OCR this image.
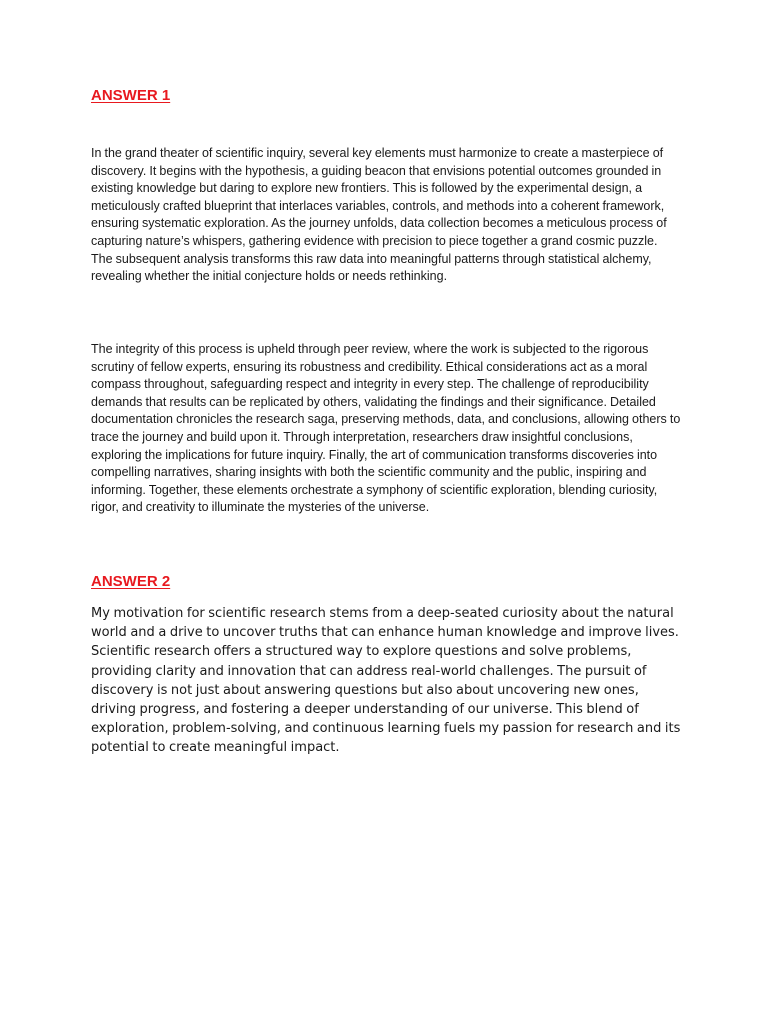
ANSWER 1

In the grand theater of scientific inquiry, several key elements must harmonize to create a masterpiece of discovery. It begins with the hypothesis, a guiding beacon that envisions potential outcomes grounded in existing knowledge but daring to explore new frontiers. This is followed by the experimental design, a meticulously crafted blueprint that interlaces variables, controls, and methods into a coherent framework, ensuring systematic exploration. As the journey unfolds, data collection becomes a meticulous process of capturing nature’s whispers, gathering evidence with precision to piece together a grand cosmic puzzle. The subsequent analysis transforms this raw data into meaningful patterns through statistical alchemy, revealing whether the initial conjecture holds or needs rethinking.

The integrity of this process is upheld through peer review, where the work is subjected to the rigorous scrutiny of fellow experts, ensuring its robustness and credibility. Ethical considerations act as a moral compass throughout, safeguarding respect and integrity in every step. The challenge of reproducibility demands that results can be replicated by others, validating the findings and their significance. Detailed documentation chronicles the research saga, preserving methods, data, and conclusions, allowing others to trace the journey and build upon it. Through interpretation, researchers draw insightful conclusions, exploring the implications for future inquiry. Finally, the art of communication transforms discoveries into compelling narratives, sharing insights with both the scientific community and the public, inspiring and informing. Together, these elements orchestrate a symphony of scientific exploration, blending curiosity, rigor, and creativity to illuminate the mysteries of the universe.

ANSWER 2

My motivation for scientific research stems from a deep-seated curiosity about the natural world and a drive to uncover truths that can enhance human knowledge and improve lives. Scientific research offers a structured way to explore questions and solve problems, providing clarity and innovation that can address real-world challenges. The pursuit of discovery is not just about answering questions but also about uncovering new ones, driving progress, and fostering a deeper understanding of our universe. This blend of exploration, problem-solving, and continuous learning fuels my passion for research and its potential to create meaningful impact.
